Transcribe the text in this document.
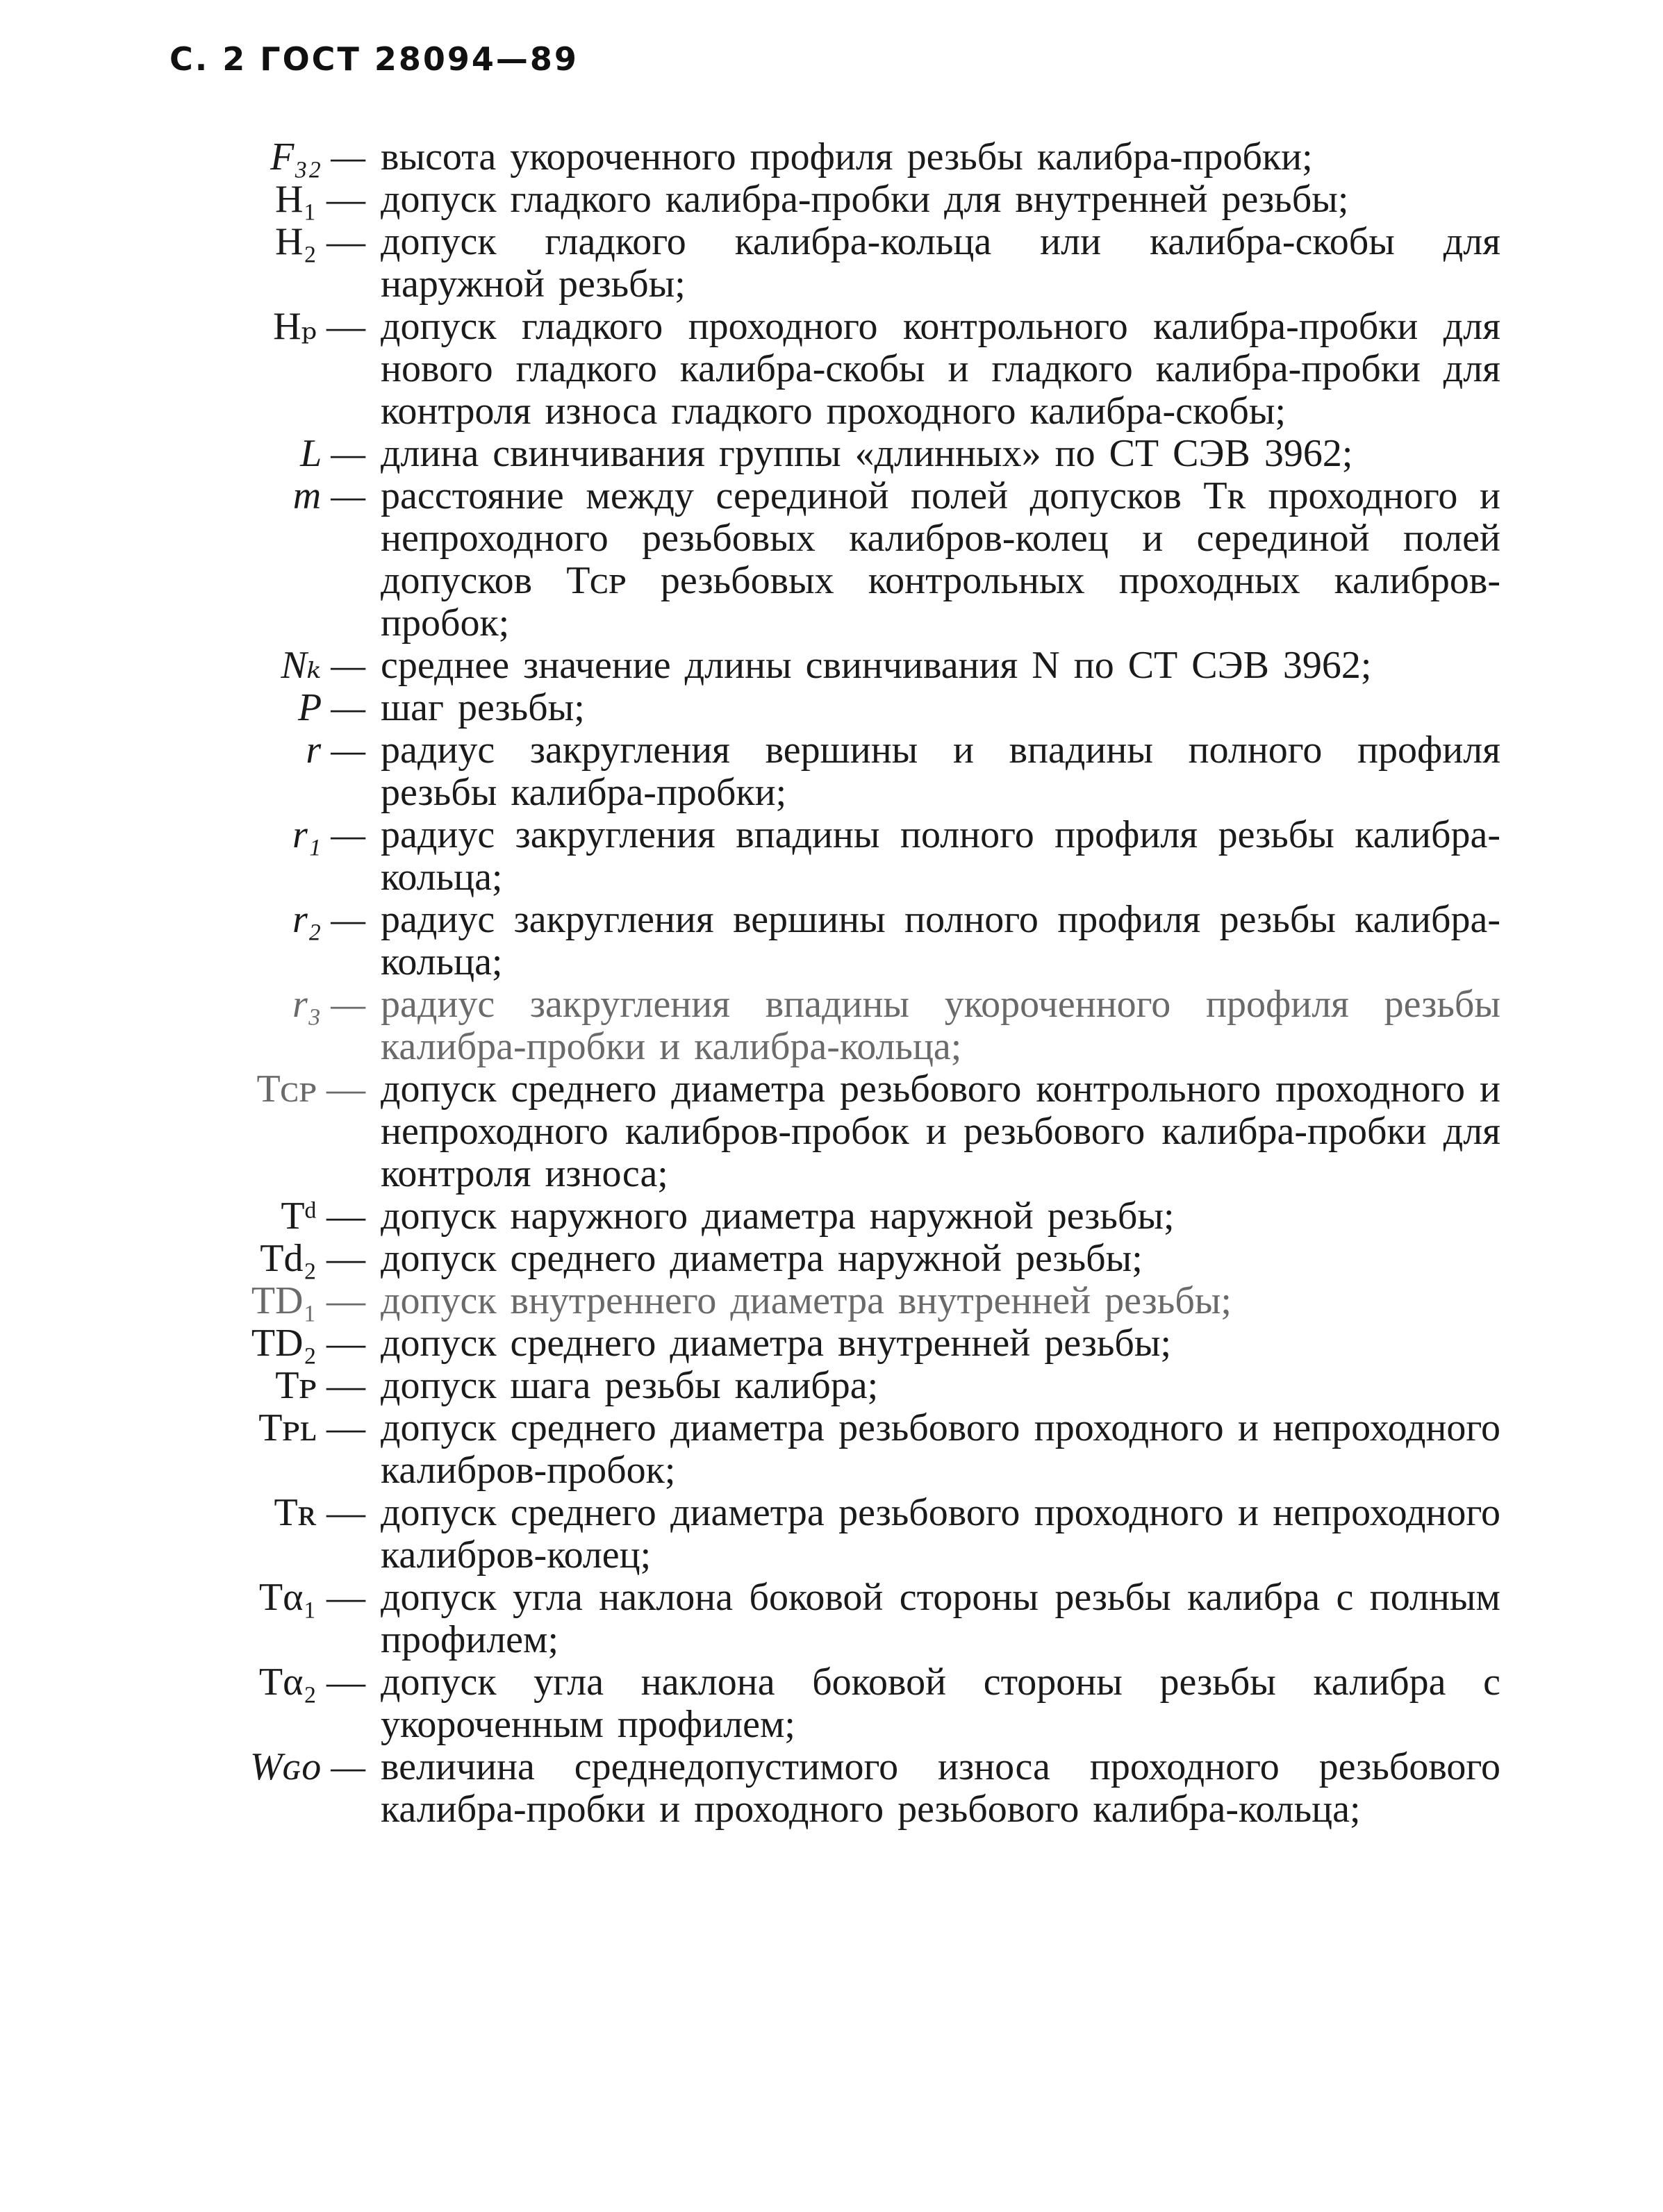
С. 2 ГОСТ 28094—89
F₃₂ — высота укороченного профиля резьбы калибра-пробки;
H₁ — допуск гладкого калибра-пробки для внутренней резьбы;
H₂ — допуск гладкого калибра-кольца или калибра-скобы для наружной резьбы;
Hₚ — допуск гладкого проходного контрольного калибра-пробки для нового гладкого калибра-скобы и гладкого калибра-пробки для контроля износа гладкого проходного калибра-скобы;
L — длина свинчивания группы «длинных» по СТ СЭВ 3962;
m — расстояние между серединой полей допусков Tʀ проходного и непроходного резьбовых калибров-колец и серединой полей допусков Tᴄᴘ резьбовых контрольных проходных калибров-пробок;
Nₖ — среднее значение длины свинчивания N по СТ СЭВ 3962;
P — шаг резьбы;
r — радиус закругления вершины и впадины полного профиля резьбы калибра-пробки;
r₁ — радиус закругления впадины полного профиля резьбы калибра-кольца;
r₂ — радиус закругления вершины полного профиля резьбы калибра-кольца;
r₃ — радиус закругления впадины укороченного профиля резьбы калибра-пробки и калибра-кольца;
Tᴄᴘ — допуск среднего диаметра резьбового контрольного проходного и непроходного калибров-пробок и резьбового калибра-пробки для контроля износа;
Tᵈ — допуск наружного диаметра наружной резьбы;
Td₂ — допуск среднего диаметра наружной резьбы;
TD₁ — допуск внутреннего диаметра внутренней резьбы;
TD₂ — допуск среднего диаметра внутренней резьбы;
Tᴘ — допуск шага резьбы калибра;
Tᴘʟ — допуск среднего диаметра резьбового проходного и непроходного калибров-пробок;
Tʀ — допуск среднего диаметра резьбового проходного и непроходного калибров-колец;
Tα₁ — допуск угла наклона боковой стороны резьбы калибра с полным профилем;
Tα₂ — допуск угла наклона боковой стороны резьбы калибра с укороченным профилем;
Wɢᴏ — величина среднедопустимого износа проходного резьбового калибра-пробки и проходного резьбового калибра-кольца;
